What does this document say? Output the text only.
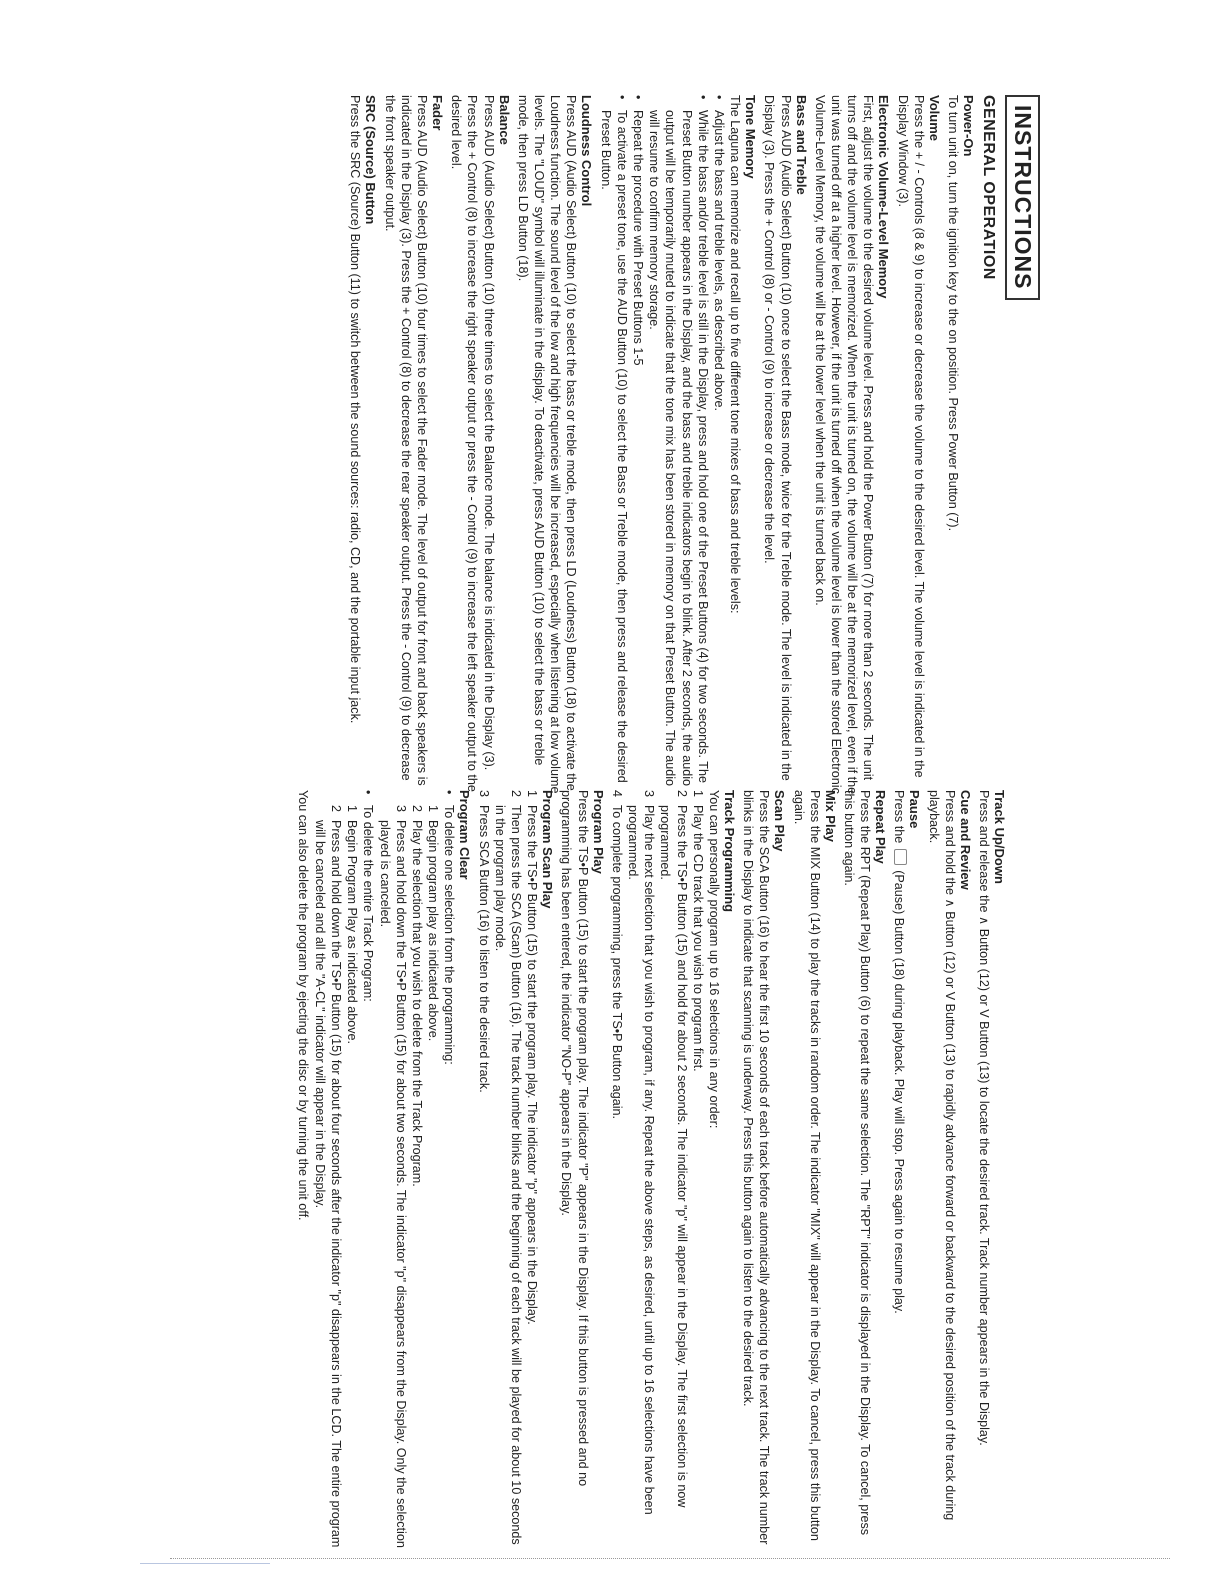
INSTRUCTIONS
GENERAL OPERATION
Power-On

To turn unit on, turn the ignition key to the on position. Press Power Button (7).

Volume

Press the + / - Controls (8 & 9) to increase or decrease the volume to the desired level. The volume level is indicated in the Display Window (3).

Electronic Volume-Level Memory

First, adjust the volume to the desired volume level. Press and hold the Power Button (7) for more than 2 seconds. The unit turns off and the volume level is memorized. When the unit is turned on, the volume will be at the memorized level, even if the unit was turned off at a higher level. However, if the unit is turned off when the volume level is lower than the stored Electronic Volume-Level Memory, the volume will be at the lower level when the unit is turned back on.

Bass and Treble

Press AUD (Audio Select) Button (10) once to select the Bass mode, twice for the Treble mode. The level is indicated in the Display (3). Press the + Control (8) or - Control (9) to increase or decrease the level.

Tone Memory

The Laguna can memorize and recall up to five different tone mixes of bass and treble levels:

•
Adjust the bass and treble levels, as described above.
•
While the bass and/or treble level is still in the Display, press and hold one of the Preset Buttons (4) for two seconds. The Preset Button number appears in the Display, and the bass and treble indicators begin to blink. After 2 seconds, the audio output will be temporarily muted to indicate that the tone mix has been stored in memory on that Preset Button. The audio will resume to confirm memory storage.
•
Repeat the procedure with Preset Buttons 1-5
•
To activate a preset tone, use the AUD Button (10) to select the Bass or Treble mode, then press and release the desired Preset Button.
Loudness Control

Press AUD (Audio Select) Button (10) to select the bass or treble mode, then press LD (Loudness) Button (18) to activate the Loudness function. The sound level of the low and high frequencies will be increased, especially when listening at low volume levels. The "LOUD" symbol will illuminate in the display. To deactivate, press AUD Button (10) to select the bass or treble mode, then press LD Button (18).

Balance

Press AUD (Audio Select) Button (10) three times to select the Balance mode. The balance is indicated in the Display (3). Press the + Control (8) to increase the right speaker output or press the - Control (9) to increase the left speaker output to the desired level.

Fader

Press AUD (Audio Select) Button (10) four times to select the Fader mode. The level of output for front and back speakers is indicated in the Display (3). Press the + Control (8) to decrease the rear speaker output. Press the - Control (9) to decrease the front speaker output.

SRC (Source) Button

Press the SRC (Source) Button (11) to switch between the sound sources: radio, CD, and the portable input jack.

Track Up/Down

Press and release the ∧ Button (12) or V Button (13) to locate the desired track. Track number appears in the Display.

Cue and Review

Press and hold the ∧ Button (12) or V Button (13) to rapidly advance forward or backward to the desired position of the track during playback.

Pause

Press the  (Pause) Button (18) during playback. Play will stop. Press again to resume play.

Repeat Play

Press the RPT (Repeat Play) Button (6) to repeat the same selection. The "RPT" indicator is displayed in the Display. To cancel, press this button again.

Mix Play

Press the MIX Button (14) to play the tracks in random order. The indicator "MIX" will appear in the Display. To cancel, press this button again.

Scan Play

Press the SCA Button (16) to hear the first 10 seconds of each track before automatically advancing to the next track. The track number blinks in the Display to indicate that scanning is underway. Press this button again to listen to the desired track.

Track Programming

You can personally program up to 16 selections in any order:

1
Play the CD track that you wish to program first.
2
Press the TS•P Button (15) and hold for about 2 seconds. The indicator "p" will appear in the Display. The first selection is now programmed.
3
Play the next selection that you wish to program, if any. Repeat the above steps, as desired, until up to 16 selections have been programmed.
4
To complete programming, press the TS•P Button again.
Program Play

Press the TS•P Button (15) to start the program play. The indicator "P" appears in the Display. If this button is pressed and no programming has been entered, the indicator "NO-P" appears in the Display.

Program Scan Play
1
Press the TS•P Button (15) to start the program play. The indicator "p" appears in the Display.
2
Then press the SCA (Scan) Button (16). The track number blinks and the beginning of each track will be played for about 10 seconds in the program play mode.
3
Press SCA Button (16) to listen to the desired track.
Program Clear
•
To delete one selection from the programming:
1
Begin program play as indicated above.
2
Play the selection that you wish to delete from the Track Program.
3
Press and hold down the TS•P Button (15) for about two seconds. The indicator "p" disappears from the Display. Only the selection played is canceled.
•
To delete the entire Track Program:
1
Begin Program Play as indicated above.
2
Press and hold down the TS•P Button (15) for about four seconds after the indicator "p" disappears in the LCD. The entire program will be canceled and all the "A-CL" indicator will appear in the Display.

You can also delete the program by ejecting the disc or by turning the unit off.
